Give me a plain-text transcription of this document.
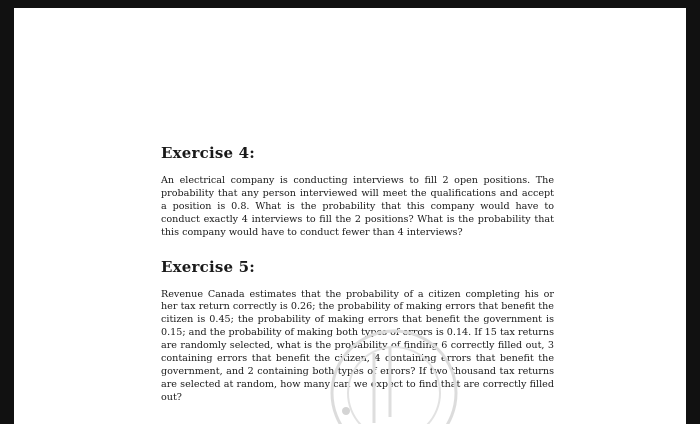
Exercise 4:

An electrical company is conducting interviews to fill 2 open positions. The probability that any person interviewed will meet the qualifications and accept a position is 0.8. What is the probability that this company would have to conduct exactly 4 interviews to fill the 2 positions? What is the probability that this company would have to conduct fewer than 4 interviews?

Exercise 5:

Revenue Canada estimates that the probability of a citizen completing his or her tax return correctly is 0.26; the probability of making errors that benefit the citizen is 0.45; the probability of making errors that benefit the government is 0.15; and the probability of making both types of errors is 0.14. If 15 tax returns are randomly selected, what is the probability of finding 6 correctly filled out, 3 containing errors that benefit the citizen, 4 containing errors that benefit the government, and 2 containing both types of errors? If two thousand tax returns are selected at random, how many can we expect to find that are correctly filled out?
